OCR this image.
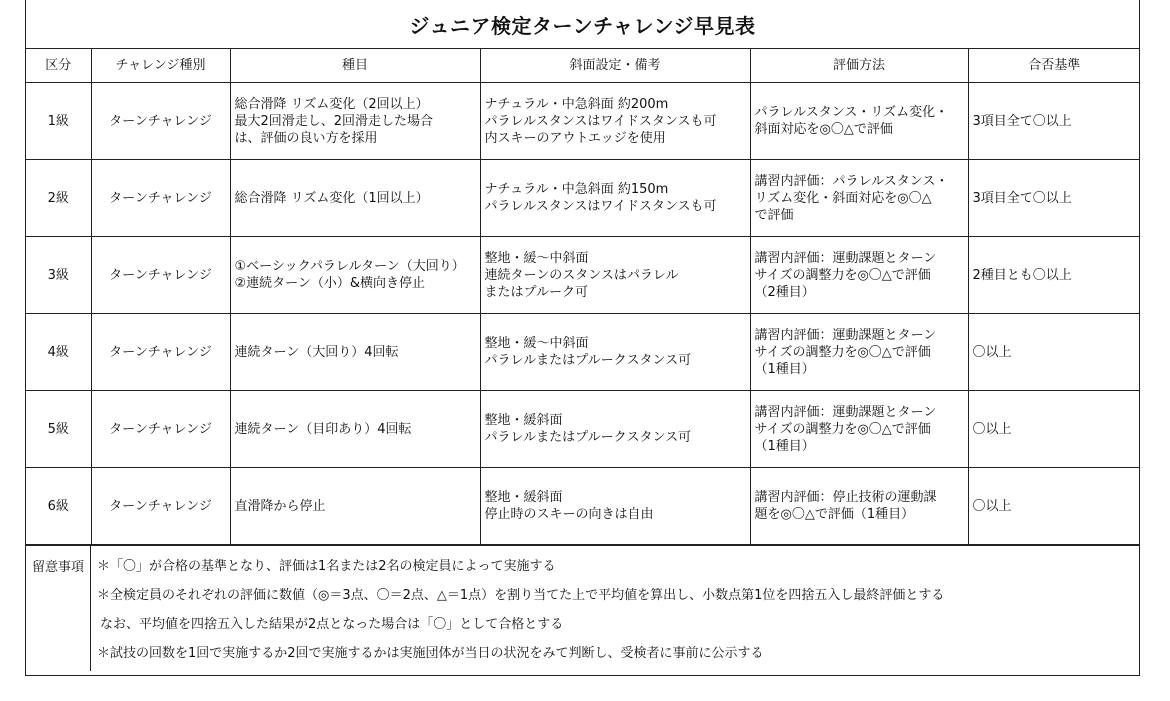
ジュニア検定ターンチャレンジ早見表
区分	チャレンジ種別	種目	斜面設定・備考	評価方法	合否基準
1級	ターンチャレンジ	総合滑降 リズム変化（2回以上）
最大2回滑走し、2回滑走した場合
は、評価の良い方を採用	ナチュラル・中急斜面 約200m
パラレルスタンスはワイドスタンスも可
内スキーのアウトエッジを使用	パラレルスタンス・リズム変化・
斜面対応を◎〇△で評価	3項目全て〇以上
2級	ターンチャレンジ	総合滑降 リズム変化（1回以上）	ナチュラル・中急斜面 約150m
パラレルスタンスはワイドスタンスも可	講習内評価：パラレルスタンス・
リズム変化・斜面対応を◎〇△
で評価	3項目全て〇以上
3級	ターンチャレンジ	①ベーシックパラレルターン（大回り）
②連続ターン（小）&横向き停止	整地・緩～中斜面
連続ターンのスタンスはパラレル
またはプルーク可	講習内評価：運動課題とターン
サイズの調整力を◎〇△で評価
（2種目）	2種目とも〇以上
4級	ターンチャレンジ	連続ターン（大回り）4回転	整地・緩～中斜面
パラレルまたはプルークスタンス可	講習内評価：運動課題とターン
サイズの調整力を◎〇△で評価
（1種目）	〇以上
5級	ターンチャレンジ	連続ターン（目印あり）4回転	整地・緩斜面
パラレルまたはプルークスタンス可	講習内評価：運動課題とターン
サイズの調整力を◎〇△で評価
（1種目）	〇以上
6級	ターンチャレンジ	直滑降から停止	整地・緩斜面
停止時のスキーの向きは自由	講習内評価：停止技術の運動課
題を◎〇△で評価（1種目）	〇以上
留意事項	＊「〇」が合格の基準となり、評価は1名または2名の検定員によって実施する
＊全検定員のそれぞれの評価に数値（◎＝3点、〇＝2点、△＝1点）を割り当てた上で平均値を算出し、小数点第1位を四捨五入し最終評価とする
なお、平均値を四捨五入した結果が2点となった場合は「〇」として合格とする
＊試技の回数を1回で実施するか2回で実施するかは実施団体が当日の状況をみて判断し、受検者に事前に公示する
